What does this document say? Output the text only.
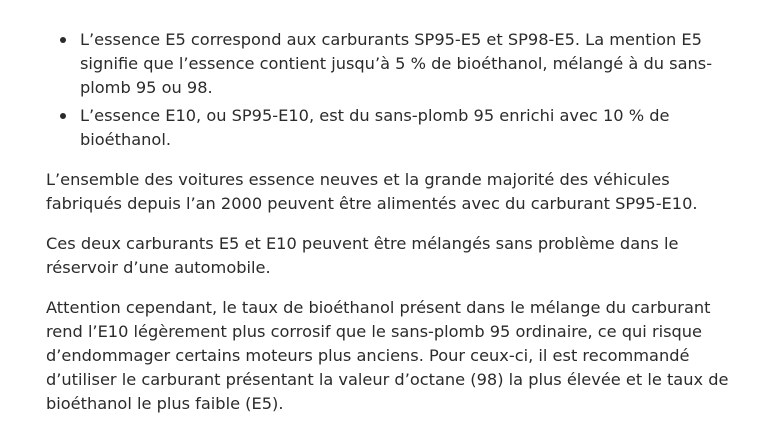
L’essence E5 correspond aux carburants SP95-E5 et SP98-E5. La mention E5 signifie que l’essence contient jusqu’à 5 % de bioéthanol, mélangé à du sans-plomb 95 ou 98.
L’essence E10, ou SP95-E10, est du sans-plomb 95 enrichi avec 10 % de bioéthanol.

L’ensemble des voitures essence neuves et la grande majorité des véhicules fabriqués depuis l’an 2000 peuvent être alimentés avec du carburant SP95-E10.

Ces deux carburants E5 et E10 peuvent être mélangés sans problème dans le réservoir d’une automobile.

Attention cependant, le taux de bioéthanol présent dans le mélange du carburant rend l’E10 légèrement plus corrosif que le sans-plomb 95 ordinaire, ce qui risque d’endommager certains moteurs plus anciens. Pour ceux-ci, il est recommandé d’utiliser le carburant présentant la valeur d’octane (98) la plus élevée et le taux de bioéthanol le plus faible (E5).
